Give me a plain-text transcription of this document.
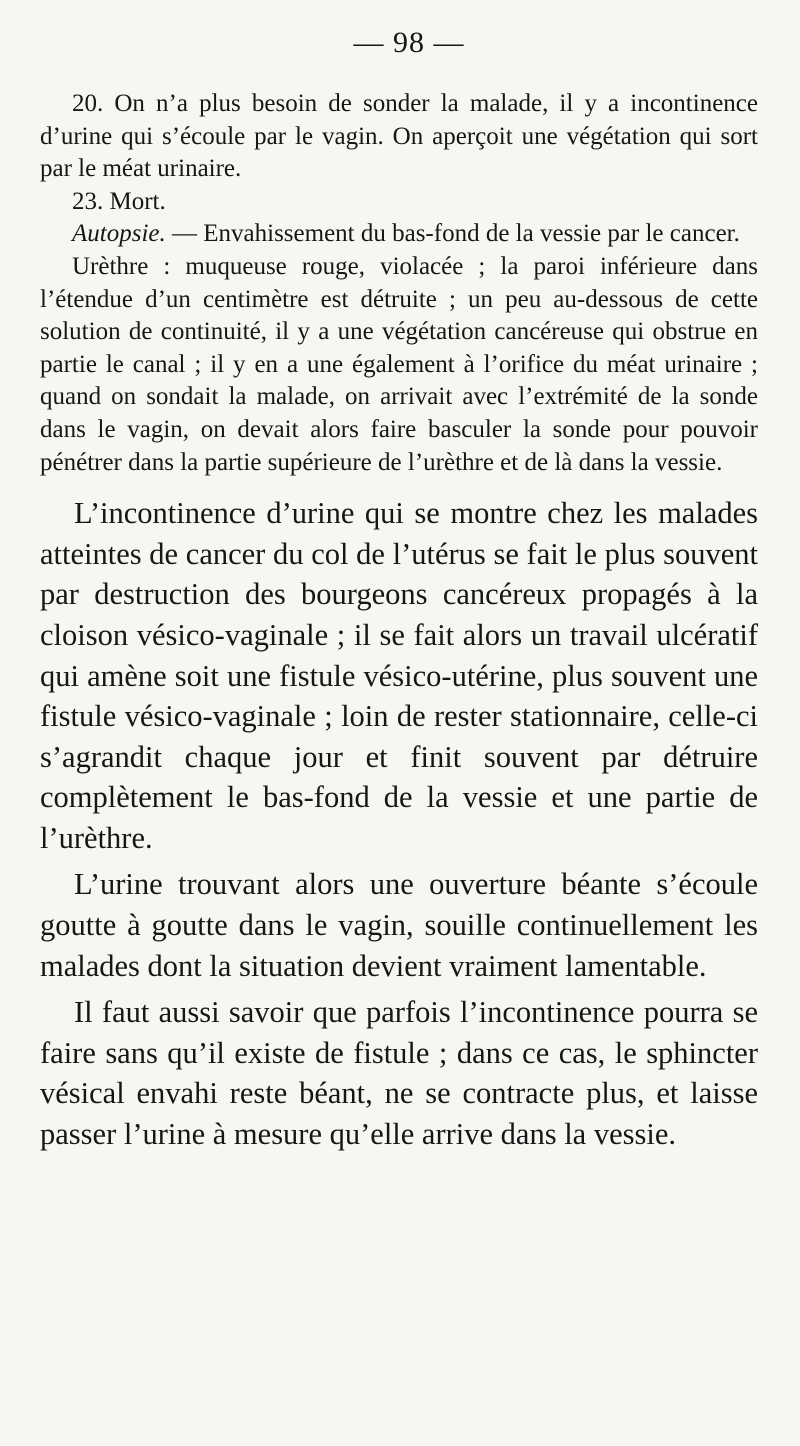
— 98 —

20. On n’a plus besoin de sonder la malade, il y a incontinence d’urine qui s’écoule par le vagin. On aperçoit une végétation qui sort par le méat urinaire.

23. Mort.

Autopsie. — Envahissement du bas-fond de la vessie par le cancer.

Urèthre : muqueuse rouge, violacée ; la paroi inférieure dans l’étendue d’un centimètre est détruite ; un peu au-dessous de cette solution de continuité, il y a une végétation cancéreuse qui obstrue en partie le canal ; il y en a une également à l’orifice du méat urinaire ; quand on sondait la malade, on arrivait avec l’extrémité de la sonde dans le vagin, on devait alors faire basculer la sonde pour pouvoir pénétrer dans la partie supérieure de l’urèthre et de là dans la vessie.

L’incontinence d’urine qui se montre chez les malades atteintes de cancer du col de l’utérus se fait le plus souvent par destruction des bourgeons cancéreux propagés à la cloison vésico-vaginale ; il se fait alors un travail ulcératif qui amène soit une fistule vésico-utérine, plus souvent une fistule vésico-vaginale ; loin de rester stationnaire, celle-ci s’agrandit chaque jour et finit souvent par détruire complètement le bas-fond de la vessie et une partie de l’urèthre.

L’urine trouvant alors une ouverture béante s’écoule goutte à goutte dans le vagin, souille continuellement les malades dont la situation devient vraiment lamentable.

Il faut aussi savoir que parfois l’incontinence pourra se faire sans qu’il existe de fistule ; dans ce cas, le sphincter vésical envahi reste béant, ne se contracte plus, et laisse passer l’urine à mesure qu’elle arrive dans la vessie.
